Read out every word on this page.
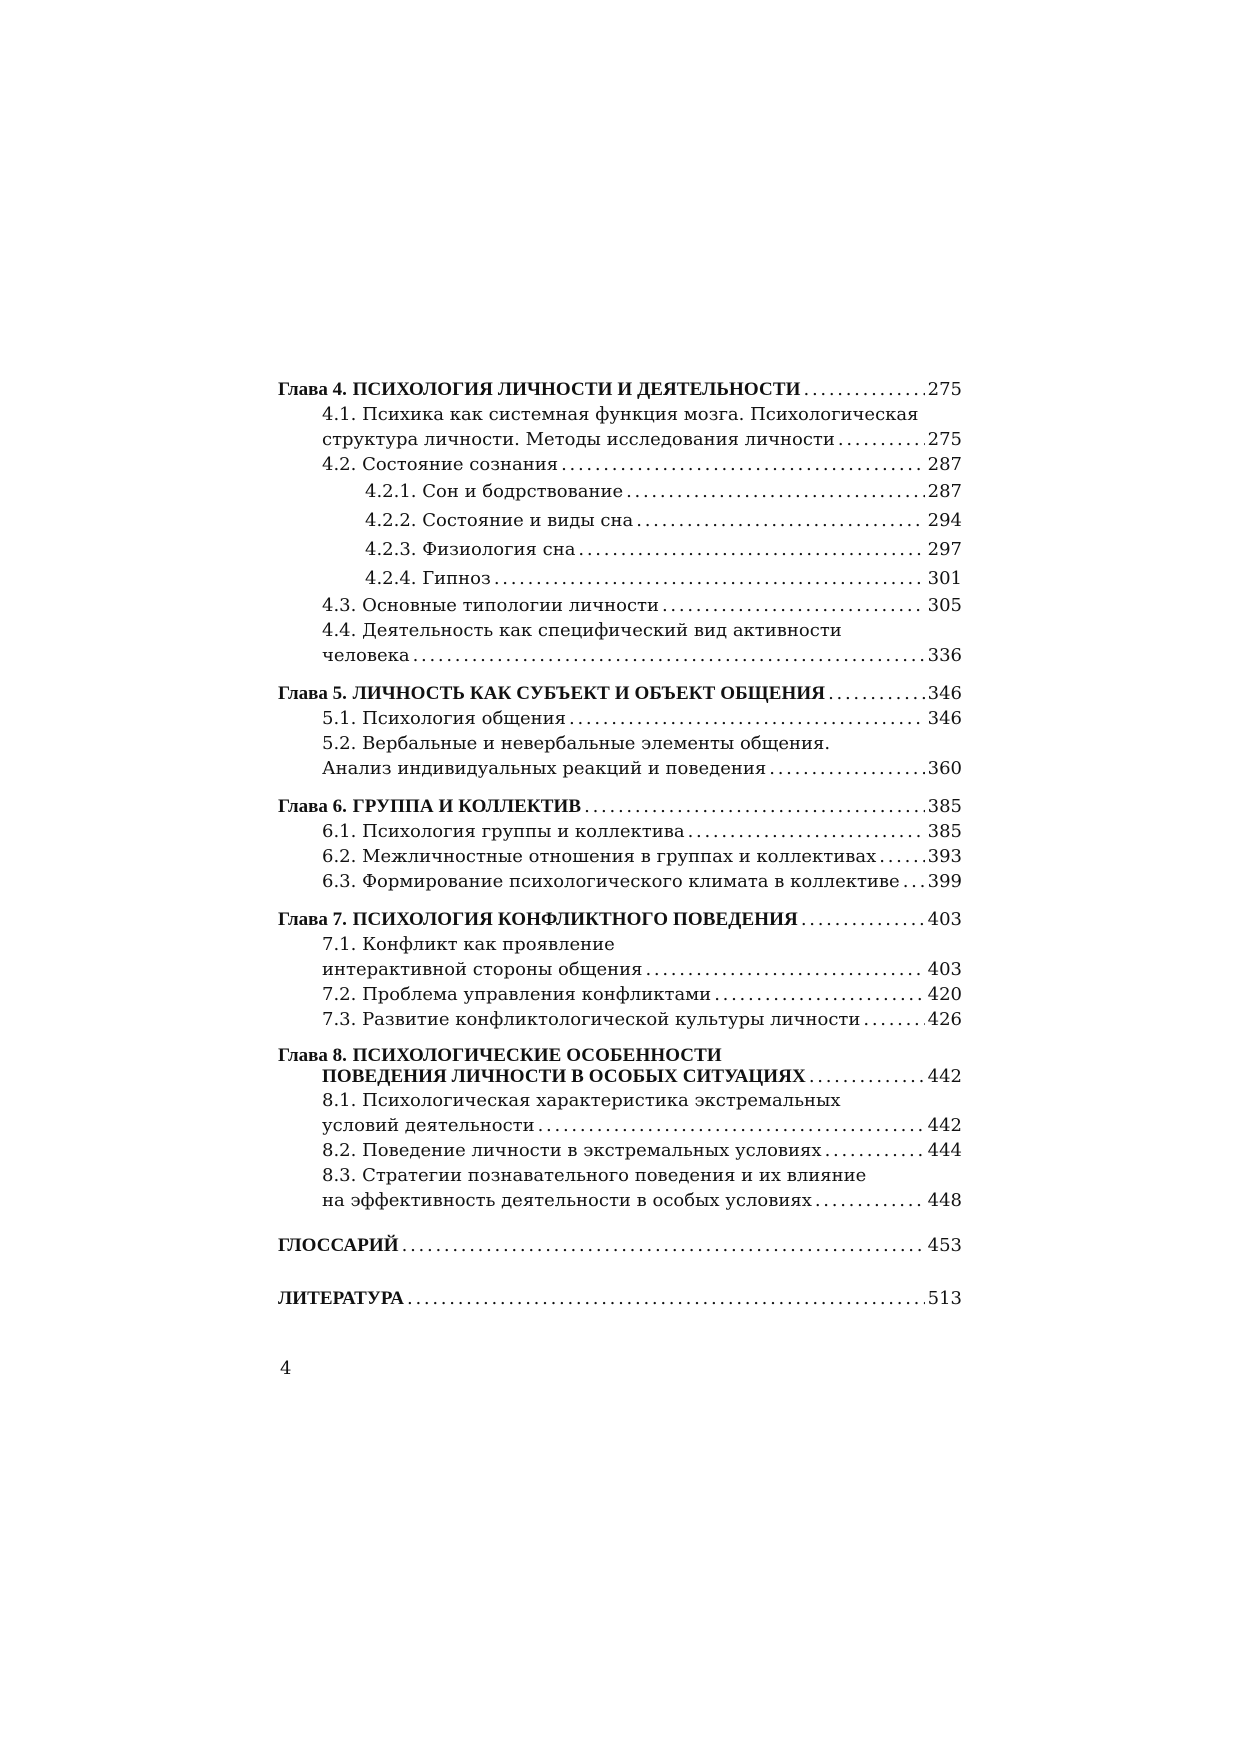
Глава 4.
ПСИХОЛОГИЯ ЛИЧНОСТИ И ДЕЯТЕЛЬНОСТИ . . .	275
4.1. Психика как системная функция мозга. Психологическая
структура личности. Методы исследования личности . . .	275
4.2. Состояние сознания . . .	287
4.2.1. Сон и бодрствование . . .	287
4.2.2. Состояние и виды сна . . .	294
4.2.3. Физиология сна . . .	297
4.2.4. Гипноз . . .	301
4.3. Основные типологии личности . . .	305
4.4. Деятельность как специфический вид активности
человека . . .	336
Глава 5.
ЛИЧНОСТЬ КАК СУБЪЕКТ И ОБЪЕКТ ОБЩЕНИЯ . . .	346
5.1. Психология общения . . .	346
5.2. Вербальные и невербальные элементы общения.
Анализ индивидуальных реакций и поведения . . .	360
Глава 6.
ГРУППА И КОЛЛЕКТИВ . . .	385
6.1. Психология группы и коллектива . . .	385
6.2. Межличностные отношения в группах и коллективах . . .	393
6.3. Формирование психологического климата в коллективе . . . 399
Глава 7.
ПСИХОЛОГИЯ КОНФЛИКТНОГО ПОВЕДЕНИЯ . . .	403
7.1. Конфликт как проявление
интерактивной стороны общения . . .	403
7.2. Проблема управления конфликтами . . .	420
7.3. Развитие конфликтологической культуры личности . . .	426
Глава 8. ПСИХОЛОГИЧЕСКИЕ ОСОБЕННОСТИ
ПОВЕДЕНИЯ ЛИЧНОСТИ В ОСОБЫХ СИТУАЦИЯХ . . .	442
8.1. Психологическая характеристика экстремальных
условий деятельности . . .	442
8.2. Поведение личности в экстремальных условиях . . .	444
8.3. Стратегии познавательного поведения и их влияние
на эффективность деятельности в особых условиях . . .	448
ГЛОССАРИЙ . . .	453
ЛИТЕРАТУРА . . .	513
4
